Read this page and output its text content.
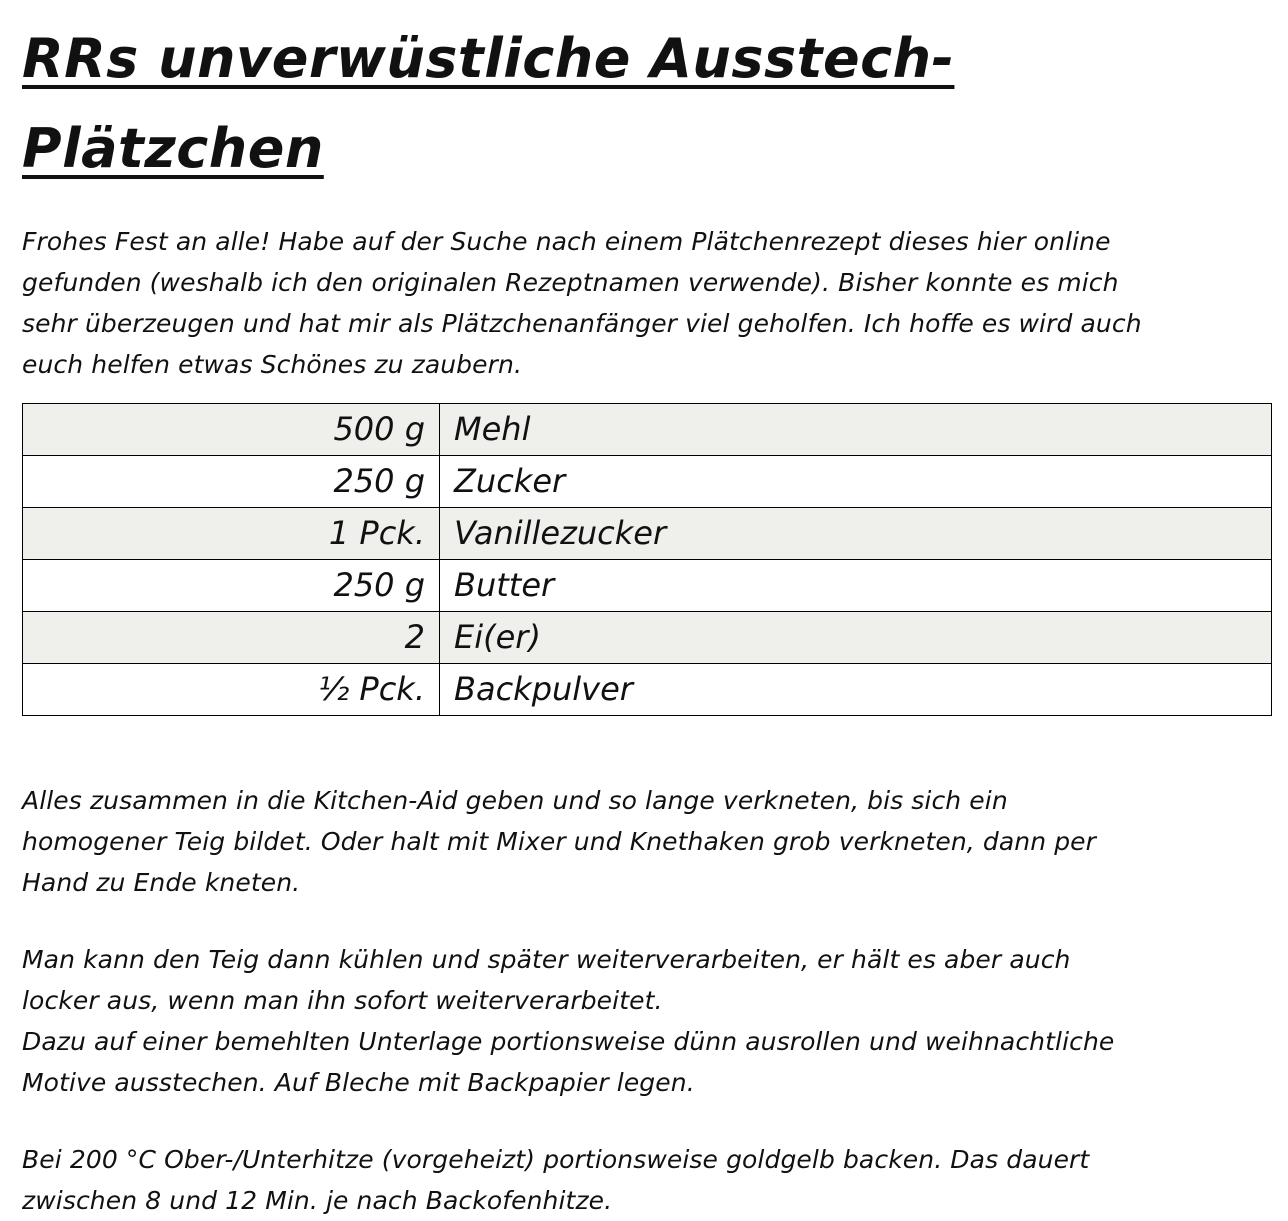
RRs unverwüstliche Ausstech-
Plätzchen

Frohes Fest an alle! Habe auf der Suche nach einem Plätchenrezept dieses hier online gefunden (weshalb ich den originalen Rezeptnamen verwende). Bisher konnte es mich sehr überzeugen und hat mir als Plätzchenanfänger viel geholfen. Ich hoffe es wird auch euch helfen etwas Schönes zu zaubern.

500 g	Mehl
250 g	Zucker
1 Pck.	Vanillezucker
250 g	Butter
2	Ei(er)
½ Pck.	Backpulver

Alles zusammen in die Kitchen-Aid geben und so lange verkneten, bis sich ein homogener Teig bildet. Oder halt mit Mixer und Knethaken grob verkneten, dann per Hand zu Ende kneten.

Man kann den Teig dann kühlen und später weiterverarbeiten, er hält es aber auch locker aus, wenn man ihn sofort weiterverarbeitet.

Dazu auf einer bemehlten Unterlage portionsweise dünn ausrollen und weihnachtliche Motive ausstechen. Auf Bleche mit Backpapier legen.

Bei 200 °C Ober-/Unterhitze (vorgeheizt) portionsweise goldgelb backen. Das dauert zwischen 8 und 12 Min. je nach Backofenhitze.
